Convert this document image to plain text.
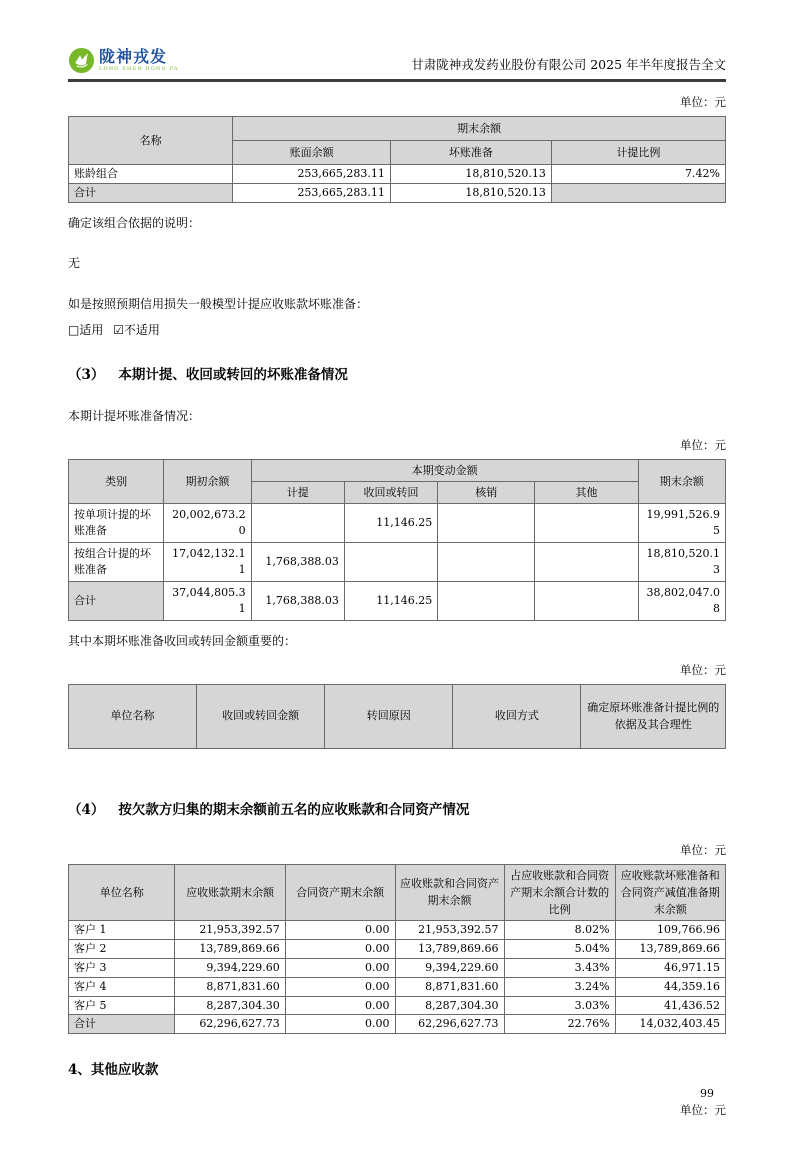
陇神戎发
LONG SHEN RONG FA	甘肃陇神戎发药业股份有限公司 2025 年半年度报告全文
单位：元
名称	期末余额		
	账面余额	坏账准备	计提比例
账龄组合	253,665,283.11	18,810,520.13	7.42%
合计	253,665,283.11	18,810,520.13	

确定该组合依据的说明：

无

如是按照预期信用损失一般模型计提应收账款坏账准备：

□适用 ☑不适用

（3） 本期计提、收回或转回的坏账准备情况

本期计提坏账准备情况：

单位：元
类别	期初余额	本期变动金额				期末余额
		计提	收回或转回	核销	其他	
按单项计提的坏账准备	20,002,673.20		11,146.25			19,991,526.95
按组合计提的坏账准备	17,042,132.11	1,768,388.03				18,810,520.13
合计	37,044,805.31	1,768,388.03	11,146.25			38,802,047.08

其中本期坏账准备收回或转回金额重要的：

单位：元
单位名称	收回或转回金额	转回原因	收回方式	确定原坏账准备计提比例的依据及其合理性
（4） 按欠款方归集的期末余额前五名的应收账款和合同资产情况
单位：元
单位名称	应收账款期末余额	合同资产期末余额	应收账款和合同资产期末余额	占应收账款和合同资产期末余额合计数的比例	应收账款坏账准备和合同资产减值准备期末余额
客户 1	21,953,392.57	0.00	21,953,392.57	8.02%	109,766.96
客户 2	13,789,869.66	0.00	13,789,869.66	5.04%	13,789,869.66
客户 3	9,394,229.60	0.00	9,394,229.60	3.43%	46,971.15
客户 4	8,871,831.60	0.00	8,871,831.60	3.24%	44,359.16
客户 5	8,287,304.30	0.00	8,287,304.30	3.03%	41,436.52
合计	62,296,627.73	0.00	62,296,627.73	22.76%	14,032,403.45
4、其他应收款
单位：元
99
